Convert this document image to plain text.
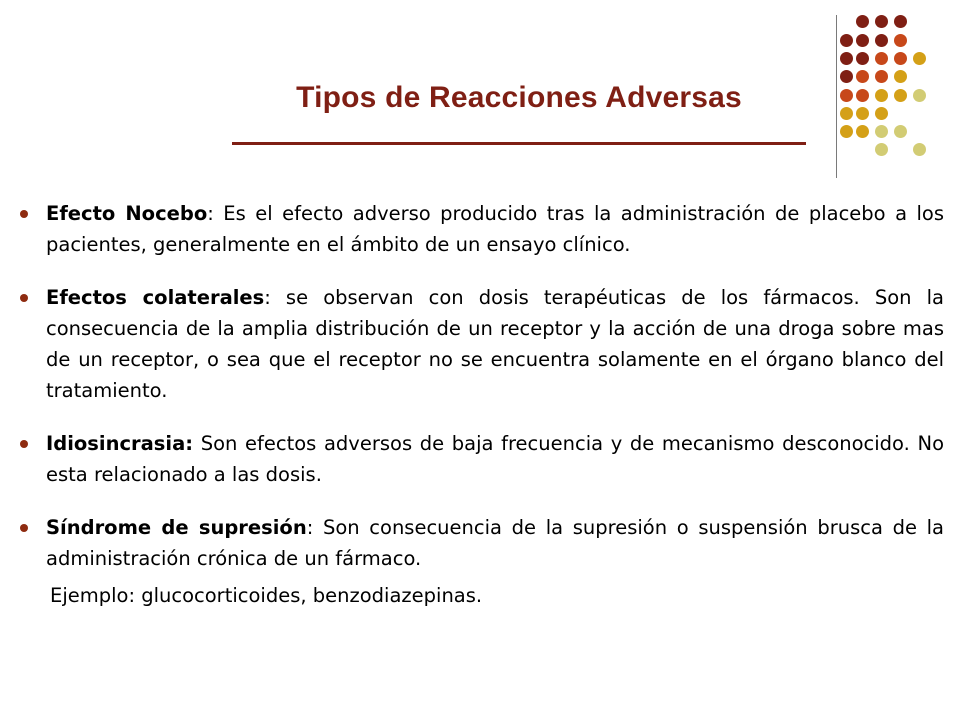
Tipos de Reacciones Adversas

Efecto Nocebo: Es el efecto adverso producido tras la administración de placebo a los pacientes, generalmente en el ámbito de un ensayo clínico.

Efectos colaterales: se observan con dosis terapéuticas de los fármacos. Son la consecuencia de la amplia distribución de un receptor y la acción de una droga sobre mas de un receptor, o sea que el receptor no se encuentra solamente en el órgano blanco del tratamiento.

Idiosincrasia: Son efectos adversos de baja frecuencia y de mecanismo desconocido. No esta relacionado a las dosis.

Síndrome de supresión: Son consecuencia de la supresión o suspensión brusca de la administración crónica de un fármaco.

Ejemplo: glucocorticoides, benzodiazepinas.
